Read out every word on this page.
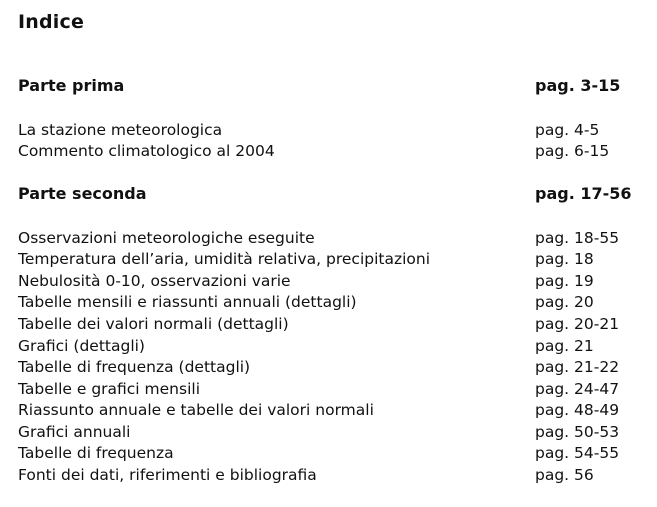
Indice
Parte prima	pag. 3-15
La stazione meteorologica	pag. 4-5
Commento climatologico al 2004	pag. 6-15
Parte seconda	pag. 17-56
Osservazioni meteorologiche eseguite	pag. 18-55
Temperatura dell’aria, umidità relativa, precipitazioni	pag. 18
Nebulosità 0-10, osservazioni varie	pag. 19
Tabelle mensili e riassunti annuali (dettagli)	pag. 20
Tabelle dei valori normali (dettagli)	pag. 20-21
Grafici (dettagli)	pag. 21
Tabelle di frequenza (dettagli)	pag. 21-22
Tabelle e grafici mensili	pag. 24-47
Riassunto annuale e tabelle dei valori normali	pag. 48-49
Grafici annuali	pag. 50-53
Tabelle di frequenza	pag. 54-55
Fonti dei dati, riferimenti e bibliografia	pag. 56
